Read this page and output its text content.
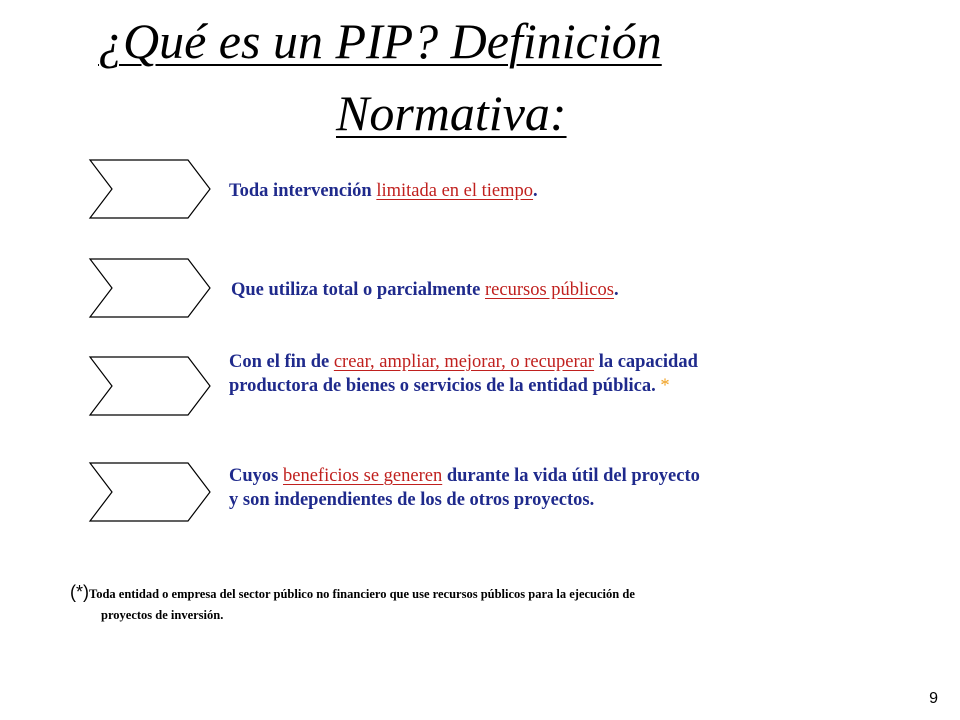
¿Qué es un PIP? Definición
Normativa:
Toda intervención limitada en el tiempo.
Que utiliza total o parcialmente recursos públicos.
Con el fin de crear, ampliar, mejorar, o recuperar la capacidad
productora de bienes o servicios de la entidad pública. *
Cuyos beneficios se generen durante la vida útil del proyecto
y son independientes de los de otros proyectos.
(*)Toda entidad o empresa del sector público no financiero que use recursos públicos para la ejecución de
proyectos de inversión.
9
